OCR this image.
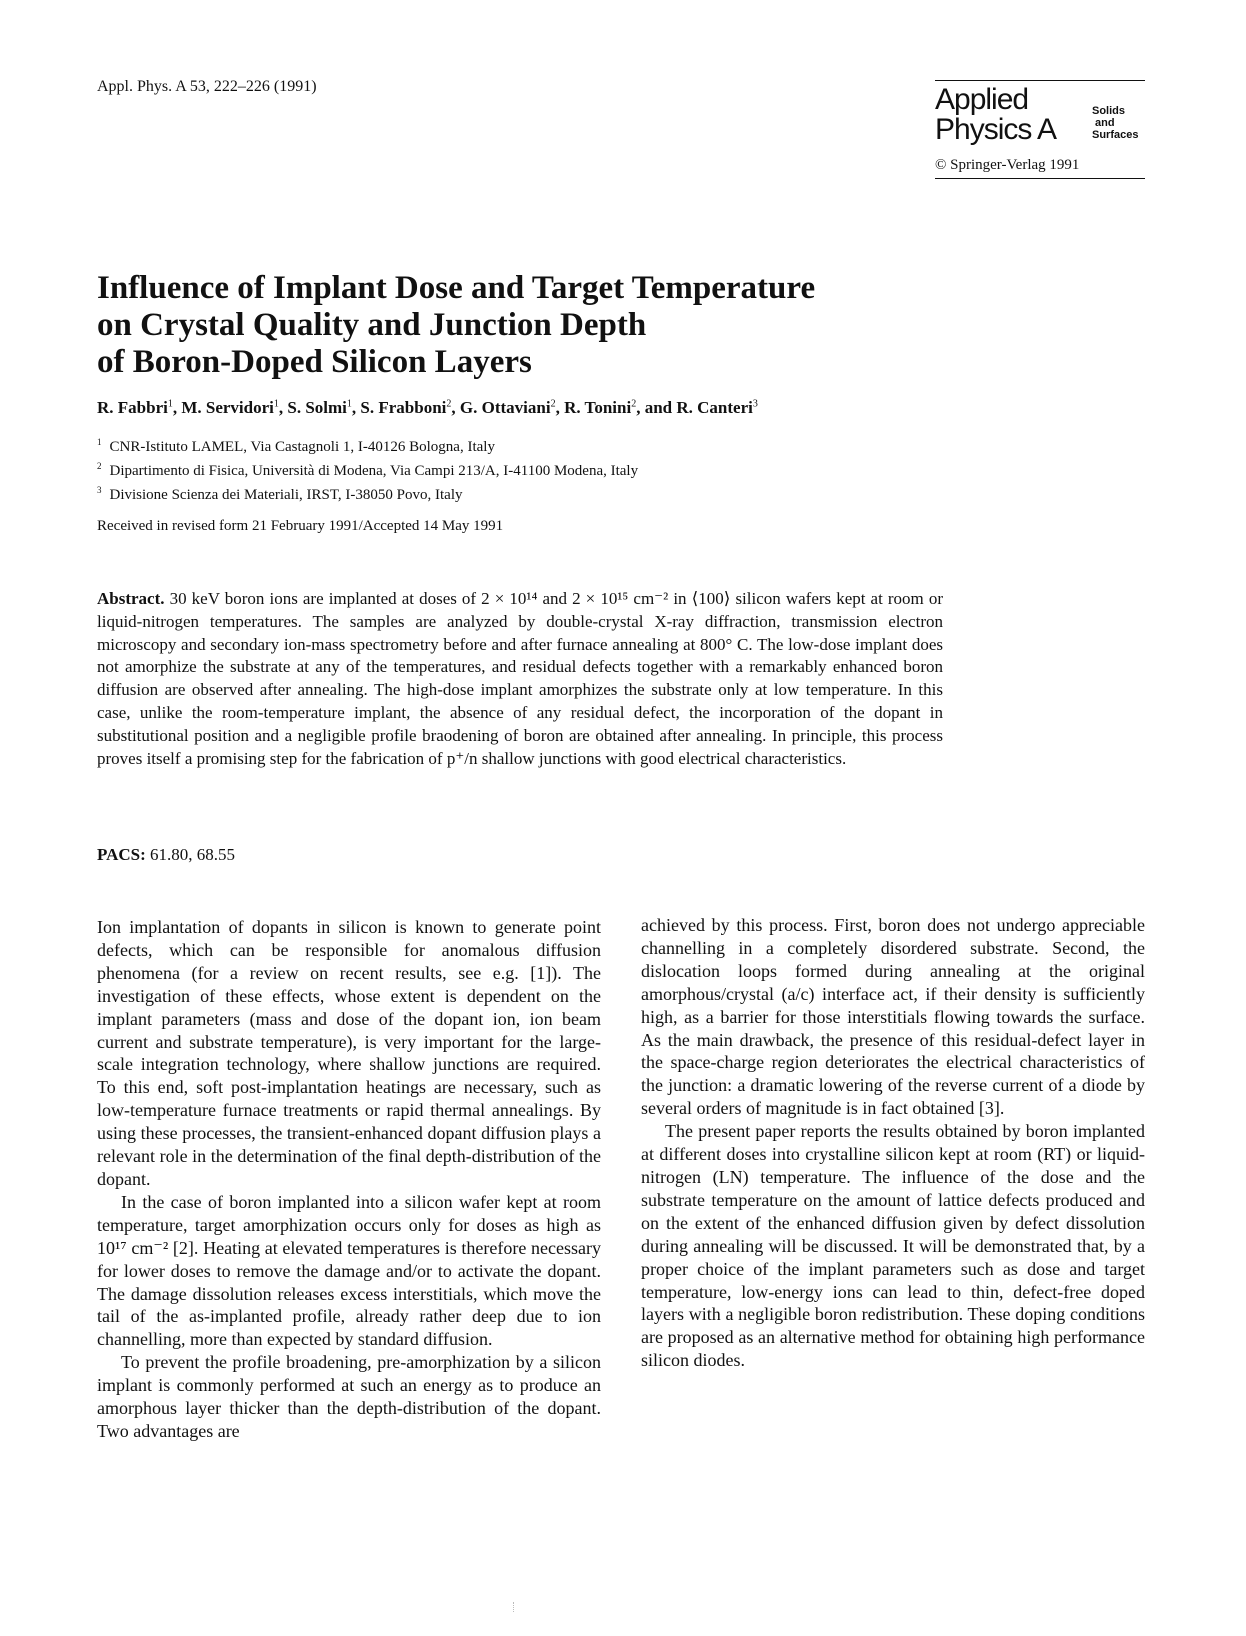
Appl. Phys. A 53, 222–226 (1991)	Applied
Physics A
Solids
and
Surfaces
© Springer-Verlag 1991
Influence of Implant Dose and Target Temperature
on Crystal Quality and Junction Depth
of Boron-Doped Silicon Layers
R. Fabbri$^1$, M. Servidori$^1$, S. Solmi$^1$, S. Frabboni$^2$, G. Ottaviani$^2$, R. Tonini$^2$, and R. Canteri$^3$
$^1$ CNR-Istituto LAMEL, Via Castagnoli 1, I-40126 Bologna, Italy
$^2$ Dipartimento di Fisica, Università di Modena, Via Campi 213/A, I-41100 Modena, Italy
$^3$ Divisione Scienza dei Materiali, IRST, I-38050 Povo, Italy
Received in revised form 21 February 1991/Accepted 14 May 1991

Abstract. 30 keV boron ions are implanted at doses of 2 × 10¹⁴ and 2 × 10¹⁵ cm⁻² in ⟨100⟩ silicon wafers kept at room or liquid-nitrogen temperatures. The samples are analyzed by double-crystal X-ray diffraction, transmission electron microscopy and secondary ion-mass spectrometry before and after furnace annealing at 800° C. The low-dose implant does not amorphize the substrate at any of the temperatures, and residual defects together with a remarkably enhanced boron diffusion are observed after annealing. The high-dose implant amorphizes the substrate only at low temperature. In this case, unlike the room-temperature implant, the absence of any residual defect, the incorporation of the dopant in substitutional position and a negligible profile braodening of boron are obtained after annealing. In principle, this process proves itself a promising step for the fabrication of p⁺/n shallow junctions with good electrical characteristics.

PACS: 61.80, 68.55

Ion implantation of dopants in silicon is known to generate point defects, which can be responsible for anomalous diffusion phenomena (for a review on recent results, see e.g. [1]). The investigation of these effects, whose extent is dependent on the implant parameters (mass and dose of the dopant ion, ion beam current and substrate temperature), is very important for the large-scale integration technology, where shallow junctions are required. To this end, soft post-implantation heatings are necessary, such as low-temperature furnace treatments or rapid thermal annealings. By using these processes, the transient-enhanced dopant diffusion plays a relevant role in the determination of the final depth-distribution of the dopant.

In the case of boron implanted into a silicon wafer kept at room temperature, target amorphization occurs only for doses as high as 10¹⁷ cm⁻² [2]. Heating at elevated temperatures is therefore necessary for lower doses to remove the damage and/or to activate the dopant. The damage dissolution releases excess interstitials, which move the tail of the as-implanted profile, already rather deep due to ion channelling, more than expected by standard diffusion.

To prevent the profile broadening, pre-amorphization by a silicon implant is commonly performed at such an energy as to produce an amorphous layer thicker than the depth-distribution of the dopant. Two advantages are

achieved by this process. First, boron does not undergo appreciable channelling in a completely disordered substrate. Second, the dislocation loops formed during annealing at the original amorphous/crystal (a/c) interface act, if their density is sufficiently high, as a barrier for those interstitials flowing towards the surface. As the main drawback, the presence of this residual-defect layer in the space-charge region deteriorates the electrical characteristics of the junction: a dramatic lowering of the reverse current of a diode by several orders of magnitude is in fact obtained [3].

The present paper reports the results obtained by boron implanted at different doses into crystalline silicon kept at room (RT) or liquid-nitrogen (LN) temperature. The influence of the dose and the substrate temperature on the amount of lattice defects produced and on the extent of the enhanced diffusion given by defect dissolution during annealing will be discussed. It will be demonstrated that, by a proper choice of the implant parameters such as dose and target temperature, low-energy ions can lead to thin, defect-free doped layers with a negligible boron redistribution. These doping conditions are proposed as an alternative method for obtaining high performance silicon diodes.
